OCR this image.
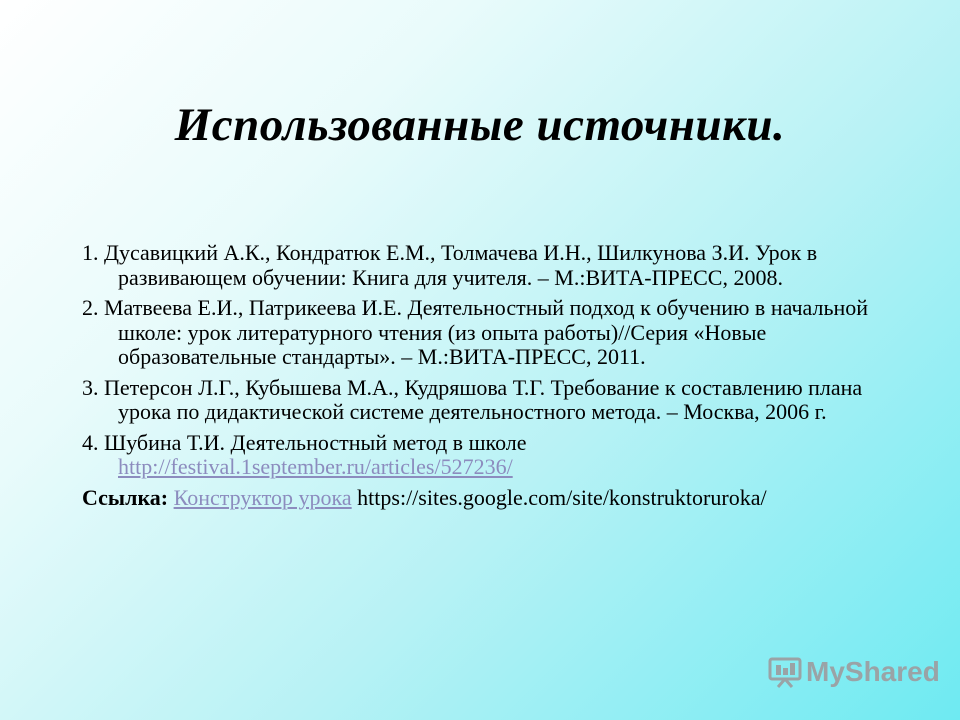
Использованные источники.

1. Дусавицкий А.К., Кондратюк Е.М., Толмачева И.Н., Шилкунова З.И. Урок в развивающем обучении: Книга для учителя. – М.:ВИТА-ПРЕСС, 2008.

2. Матвеева Е.И., Патрикеева И.Е. Деятельностный подход к обучению в начальной школе: урок литературного чтения (из опыта работы)//Серия «Новые образовательные стандарты». – М.:ВИТА-ПРЕСС, 2011.

3. Петерсон Л.Г., Кубышева М.А., Кудряшова Т.Г. Требование к составлению плана урока по дидактической системе деятельностного метода. – Москва, 2006 г.

4. Шубина Т.И. Деятельностный метод в школе http://festival.1september.ru/articles/527236/

Ссылка: Конструктор урока https://sites.google.com/site/konstruktoruroka/

MyShared
